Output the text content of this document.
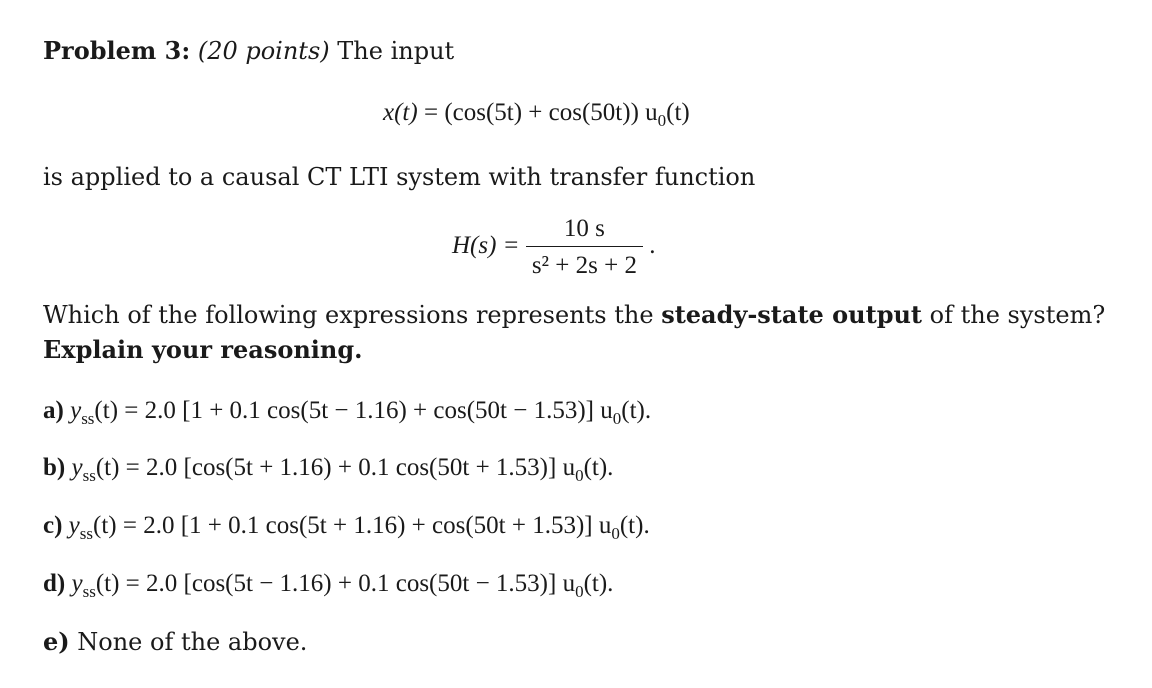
Problem 3: (20 points) The input
x(t) = (cos(5t) + cos(50t)) $u_0(t)$
is applied to a causal CT LTI system with transfer function
$H(s) = \frac{10 s}{\text{s² + 2s + 2}}$ .
Which of the following expressions represents the steady-state output of the system?
Explain your reasoning.
a) $y_{ss}(t) = 2.0$ [1 + 0.1 cos(5t − 1.16) + cos(50t − 1.53)] $u_0(t)$.
b) $y_{ss}(t) = 2.0$ [cos(5t + 1.16) + 0.1 cos(50t + 1.53)] $u_0(t)$.
c) $y_{ss}(t) = 2.0$ [1 + 0.1 cos(5t + 1.16) + cos(50t + 1.53)] $u_0(t)$.
d) $y_{ss}(t) = 2.0$ [cos(5t − 1.16) + 0.1 cos(50t − 1.53)] $u_0(t)$.
e) None of the above.
